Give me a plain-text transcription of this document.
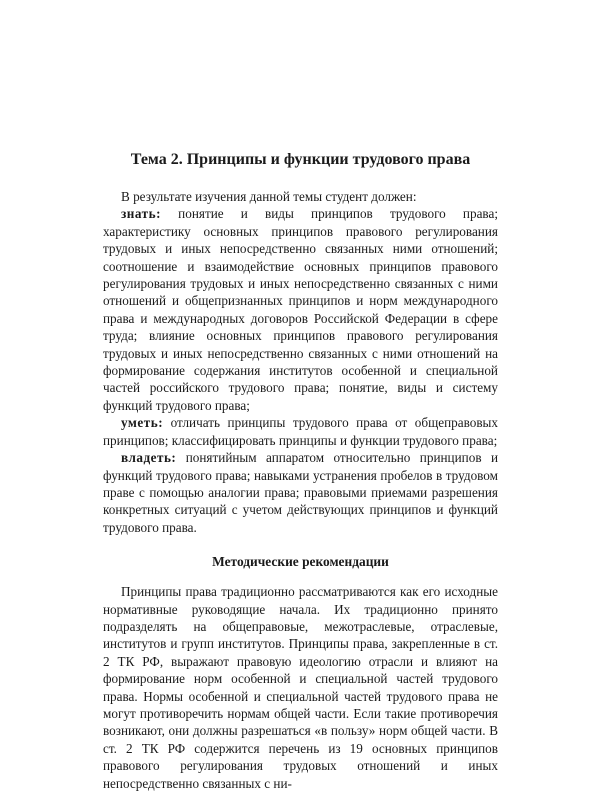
Тема 2. Принципы и функции трудового права

В результате изучения данной темы студент должен:

знать: понятие и виды принципов трудового права; характеристику основных принципов правового регулирования трудовых и иных непосредственно связанных ними отношений; соотношение и взаимодействие основных принципов правового регулирования трудовых и иных непосредственно связанных с ними отношений и общепризнанных принципов и норм международного права и международных договоров Российской Федерации в сфере труда; влияние основных принципов правового регулирования трудовых и иных непосредственно связанных с ними отношений на формирование содержания институтов особенной и специальной частей российского трудового права; понятие, виды и систему функций трудового права;

уметь: отличать принципы трудового права от общеправовых принципов; классифицировать принципы и функции трудового права;

владеть: понятийным аппаратом относительно принципов и функций трудового права; навыками устранения пробелов в трудовом праве с помощью аналогии права; правовыми приемами разрешения конкретных ситуаций с учетом действующих принципов и функций трудового права.

Методические рекомендации

Принципы права традиционно рассматриваются как его исходные нормативные руководящие начала. Их традиционно принято подразделять на общеправовые, межотраслевые, отраслевые, институтов и групп институтов. Принципы права, закрепленные в ст. 2 ТК РФ, выражают правовую идеологию отрасли и влияют на формирование норм особенной и специальной частей трудового права. Нормы особенной и специальной частей трудового права не могут противоречить нормам общей части. Если такие противоречия возникают, они должны разрешаться «в пользу» норм общей части. В ст. 2 ТК РФ содержится перечень из 19 основных принципов правового регулирования трудовых отношений и иных непосредственно связанных с ни-
